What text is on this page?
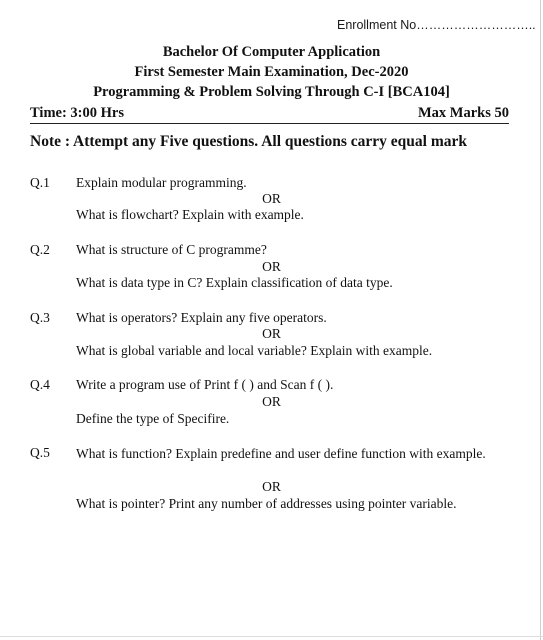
Enrollment No………………………..
Bachelor Of Computer Application
First Semester Main Examination, Dec-2020
Programming & Problem Solving Through C-I [BCA104]
Time: 3:00 Hrs	Max Marks 50
Note : Attempt any Five questions. All questions carry equal mark
Q.1 Explain modular programming.
OR
What is flowchart? Explain with example.
Q.2 What is structure of C programme?
OR
What is data type in C? Explain classification of data type.
Q.3 What is operators? Explain any five operators.
OR
What is global variable and local variable? Explain with example.
Q.4 Write a program use of Print f ( ) and Scan f ( ).
OR
Define the type of Specifire.
Q.5 What is function? Explain predefine and user define function with example.
OR
What is pointer? Print any number of addresses using pointer variable.
